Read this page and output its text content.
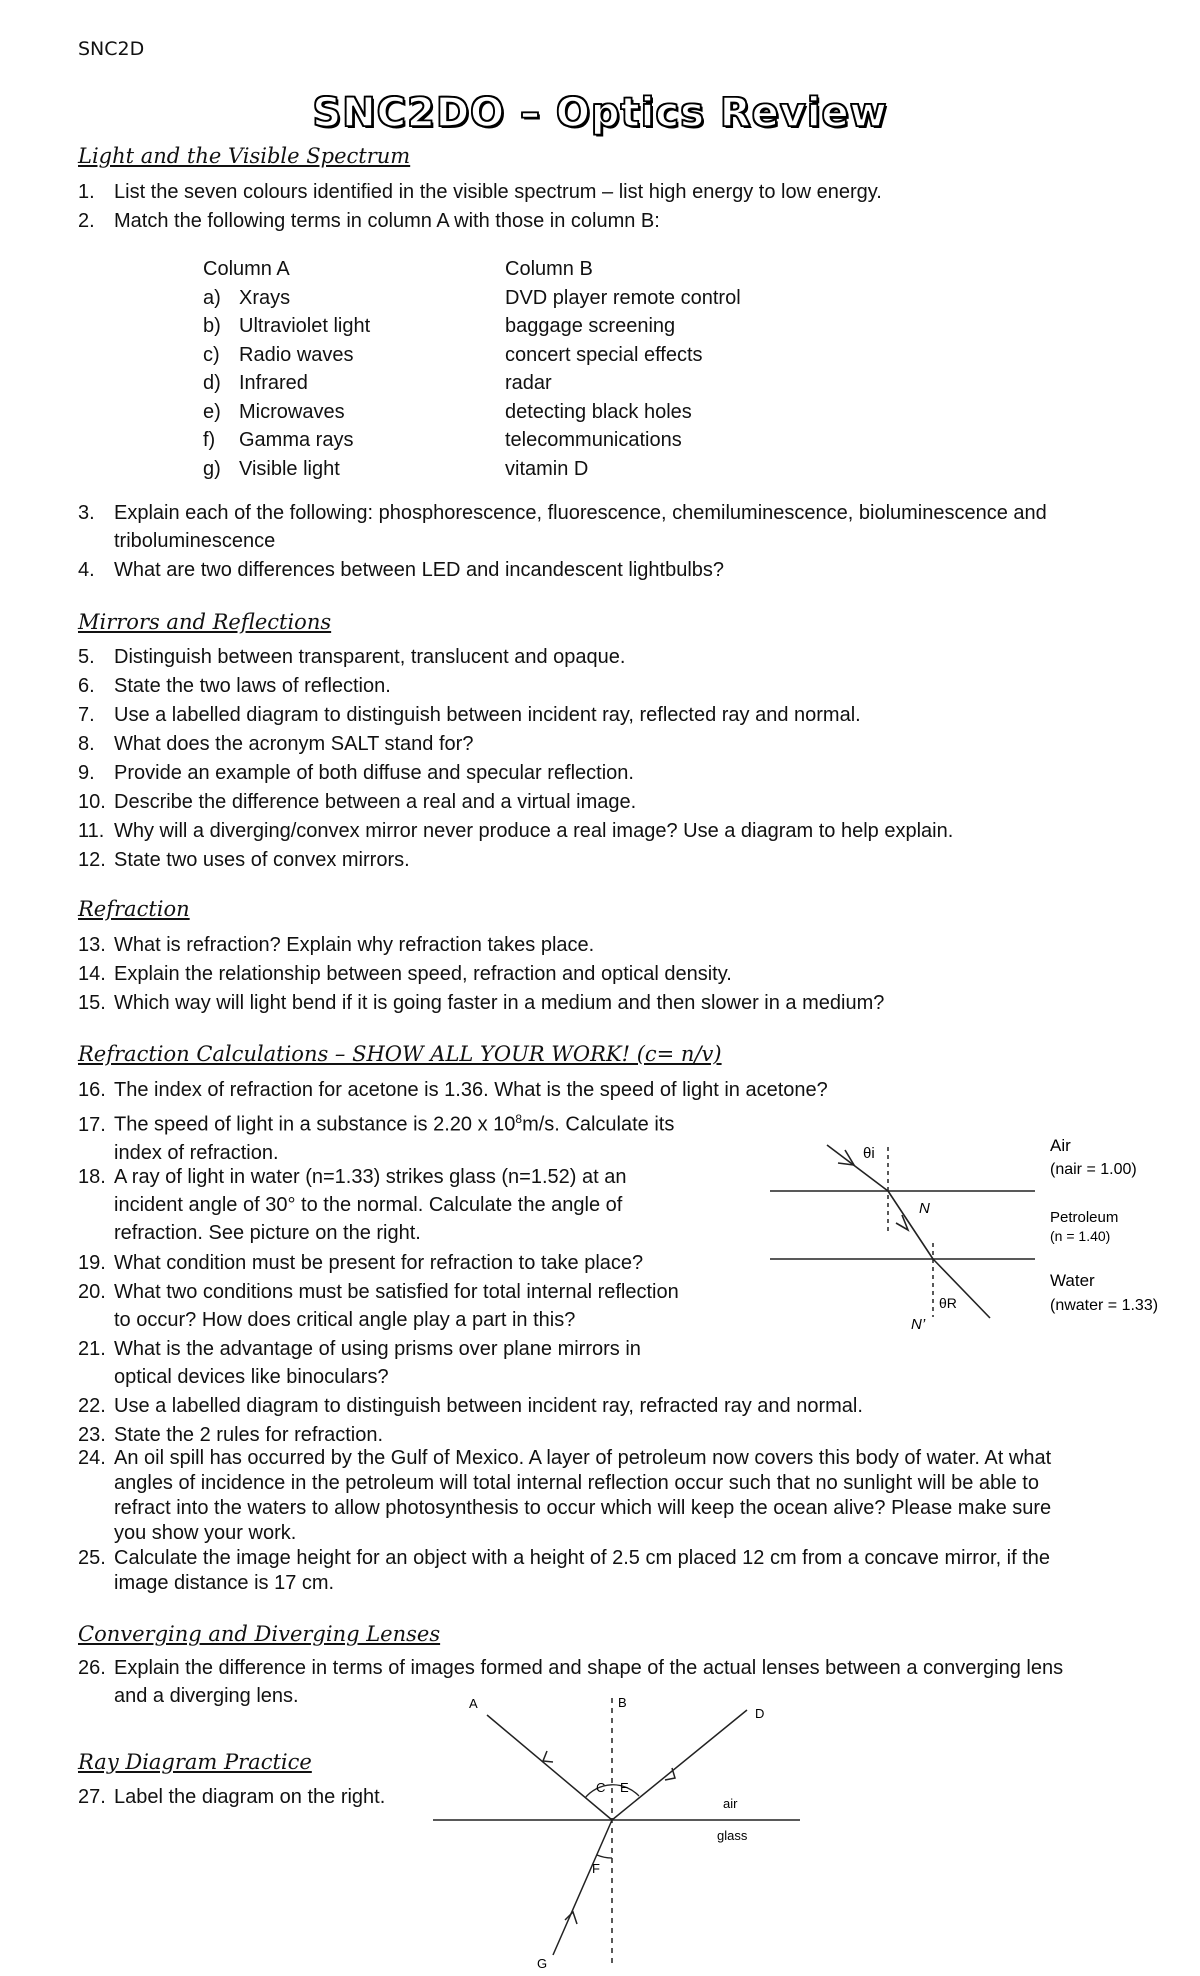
SNC2D
SNC2DO – Optics Review
Light and the Visible Spectrum
1. List the seven colours identified in the visible spectrum – list high energy to low energy.
2. Match the following terms in column A with those in column B:
Column A
a) Xrays
b) Ultraviolet light
c) Radio waves
d) Infrared
e) Microwaves
f) Gamma rays
g) Visible light
Column B
DVD player remote control
baggage screening
concert special effects
radar
detecting black holes
telecommunications
vitamin D
3. Explain each of the following: phosphorescence, fluorescence, chemiluminescence, bioluminescence and
triboluminescence
4. What are two differences between LED and incandescent lightbulbs?
Mirrors and Reflections
5. Distinguish between transparent, translucent and opaque.
6. State the two laws of reflection.
7. Use a labelled diagram to distinguish between incident ray, reflected ray and normal.
8. What does the acronym SALT stand for?
9. Provide an example of both diffuse and specular reflection.
10. Describe the difference between a real and a virtual image.
11. Why will a diverging/convex mirror never produce a real image? Use a diagram to help explain.
12. State two uses of convex mirrors.
Refraction
13. What is refraction? Explain why refraction takes place.
14. Explain the relationship between speed, refraction and optical density.
15. Which way will light bend if it is going faster in a medium and then slower in a medium?
Refraction Calculations – SHOW ALL YOUR WORK! (c= n/v)
16. The index of refraction for acetone is 1.36. What is the speed of light in acetone?
17. The speed of light in a substance is 2.20 x $10^8m/s$. Calculate its
index of refraction.
18. A ray of light in water (n=1.33) strikes glass (n=1.52) at an
incident angle of 30° to the normal. Calculate the angle of
refraction. See picture on the right.
19. What condition must be present for refraction to take place?
20. What two conditions must be satisfied for total internal reflection
to occur? How does critical angle play a part in this?
21. What is the advantage of using prisms over plane mirrors in
optical devices like binoculars?
22. Use a labelled diagram to distinguish between incident ray, refracted ray and normal.
23. State the 2 rules for refraction.
24. An oil spill has occurred by the Gulf of Mexico. A layer of petroleum now covers this body of water. At what
angles of incidence in the petroleum will total internal reflection occur such that no sunlight will be able to
refract into the waters to allow photosynthesis to occur which will keep the ocean alive? Please make sure
you show your work.
25. Calculate the image height for an object with a height of 2.5 cm placed 12 cm from a concave mirror, if the
image distance is 17 cm.
Converging and Diverging Lenses
26. Explain the difference in terms of images formed and shape of the actual lenses between a converging lens
and a diverging lens.
Ray Diagram Practice
27. Label the diagram on the right.
θi
N
θR
N’
Air
(nair = 1.00)
Petroleum
(n = 1.40)
Water
(nwater = 1.33)
A	B
D
C E
air
glass
F
G
